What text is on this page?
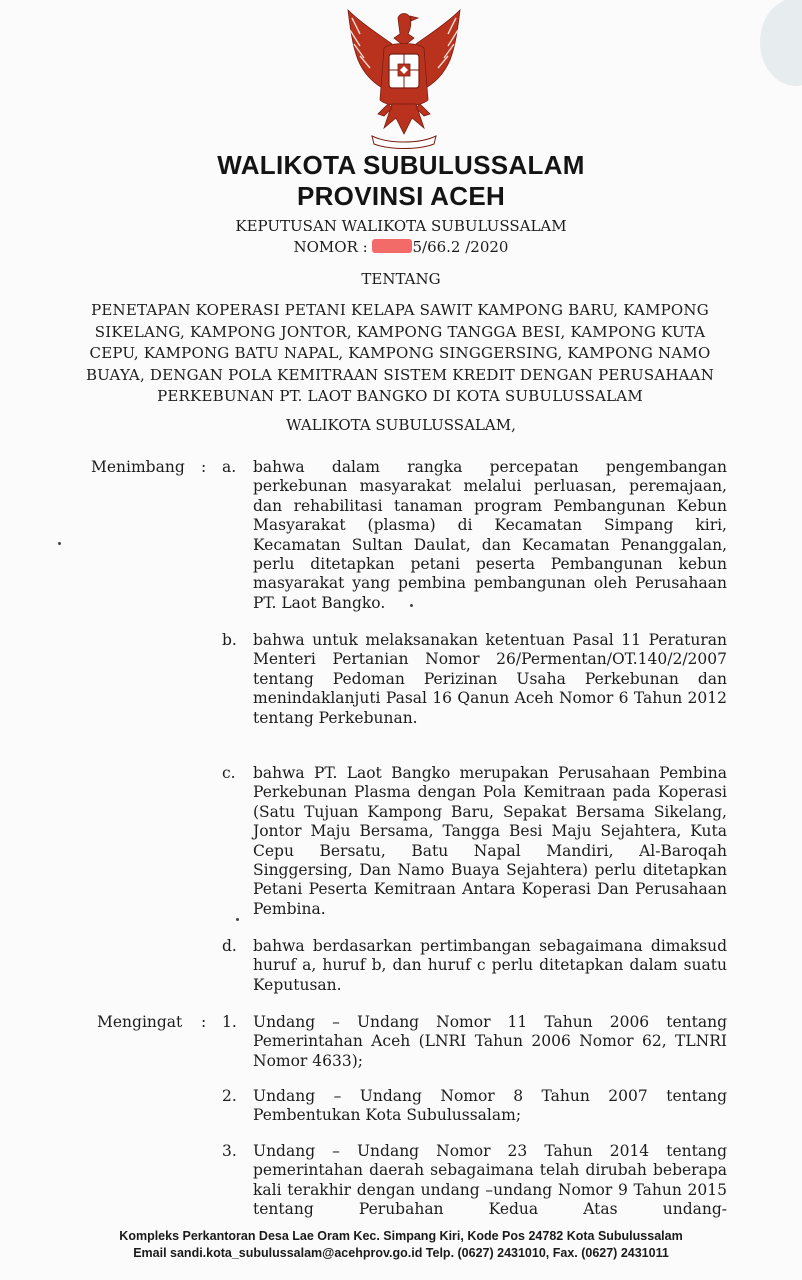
WALIKOTA SUBULUSSALAM
PROVINSI ACEH
KEPUTUSAN WALIKOTA SUBULUSSALAM
NOMOR :	5/66.2 /2020
TENTANG
PENETAPAN KOPERASI PETANI KELAPA SAWIT KAMPONG BARU, KAMPONG SIKELANG, KAMPONG JONTOR, KAMPONG TANGGA BESI, KAMPONG KUTA CEPU, KAMPONG BATU NAPAL, KAMPONG SINGGERSING, KAMPONG NAMO BUAYA, DENGAN POLA KEMITRAAN SISTEM KREDIT DENGAN PERUSAHAAN PERKEBUNAN PT. LAOT BANGKO DI KOTA SUBULUSSALAM
WALIKOTA SUBULUSSALAM,
Menimbang : a. bahwa dalam rangka percepatan pengembangan perkebunan masyarakat melalui perluasan, peremajaan, dan rehabilitasi tanaman program Pembangunan Kebun Masyarakat (plasma) di Kecamatan Simpang kiri, Kecamatan Sultan Daulat, dan Kecamatan Penanggalan, perlu ditetapkan petani peserta Pembangunan kebun masyarakat yang pembina pembangunan oleh Perusahaan PT. Laot Bangko.
b. bahwa untuk melaksanakan ketentuan Pasal 11 Peraturan Menteri Pertanian Nomor 26/Permentan/OT.140/2/2007 tentang Pedoman Perizinan Usaha Perkebunan dan menindaklanjuti Pasal 16 Qanun Aceh Nomor 6 Tahun 2012 tentang Perkebunan.
c. bahwa PT. Laot Bangko merupakan Perusahaan Pembina Perkebunan Plasma dengan Pola Kemitraan pada Koperasi (Satu Tujuan Kampong Baru, Sepakat Bersama Sikelang, Jontor Maju Bersama, Tangga Besi Maju Sejahtera, Kuta Cepu Bersatu, Batu Napal Mandiri, Al-Baroqah Singgersing, Dan Namo Buaya Sejahtera) perlu ditetapkan Petani Peserta Kemitraan Antara Koperasi Dan Perusahaan Pembina.
d. bahwa berdasarkan pertimbangan sebagaimana dimaksud huruf a, huruf b, dan huruf c perlu ditetapkan dalam suatu Keputusan.
Mengingat : 1. Undang – Undang Nomor 11 Tahun 2006 tentang Pemerintahan Aceh (LNRI Tahun 2006 Nomor 62, TLNRI Nomor 4633);
2. Undang – Undang Nomor 8 Tahun 2007 tentang Pembentukan Kota Subulussalam;
3. Undang – Undang Nomor 23 Tahun 2014 tentang pemerintahan daerah sebagaimana telah dirubah beberapa kali terakhir dengan undang –undang Nomor 9 Tahun 2015 tentang Perubahan Kedua Atas undang-
Kompleks Perkantoran Desa Lae Oram Kec. Simpang Kiri, Kode Pos 24782 Kota Subulussalam
Email sandi.kota_subulussalam@acehprov.go.id Telp. (0627) 2431010, Fax. (0627) 2431011
